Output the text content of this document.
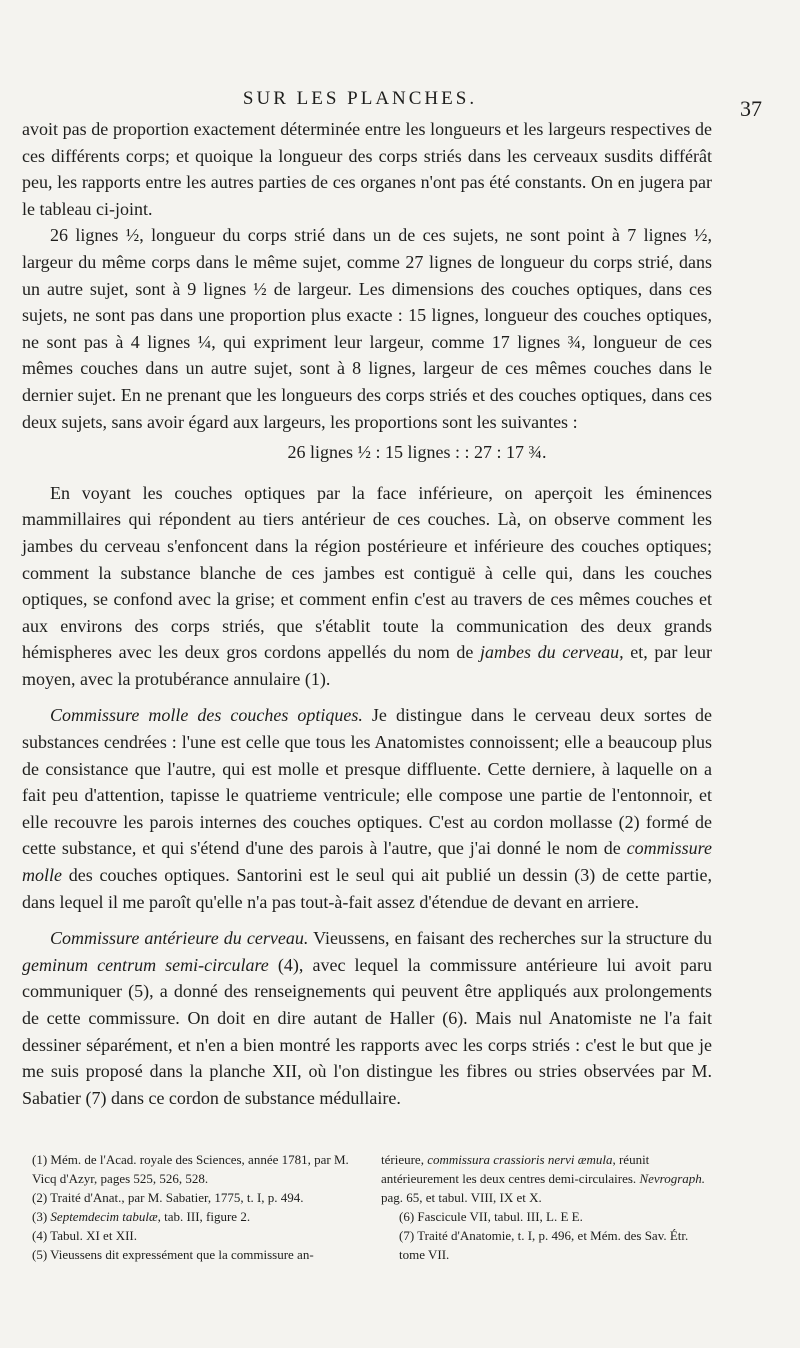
SUR LES PLANCHES.	37

avoit pas de proportion exactement déterminée entre les longueurs et les largeurs respectives de ces différents corps; et quoique la longueur des corps striés dans les cerveaux susdits différât peu, les rapports entre les autres parties de ces organes n'ont pas été constants. On en jugera par le tableau ci-joint.

26 lignes ½, longueur du corps strié dans un de ces sujets, ne sont point à 7 lignes ½, largeur du même corps dans le même sujet, comme 27 lignes de longueur du corps strié, dans un autre sujet, sont à 9 lignes ½ de largeur. Les dimensions des couches optiques, dans ces sujets, ne sont pas dans une proportion plus exacte : 15 lignes, longueur des couches optiques, ne sont pas à 4 lignes ¼, qui expriment leur largeur, comme 17 lignes ¾, longueur de ces mêmes couches dans un autre sujet, sont à 8 lignes, largeur de ces mêmes couches dans le dernier sujet. En ne prenant que les longueurs des corps striés et des couches optiques, dans ces deux sujets, sans avoir égard aux largeurs, les proportions sont les suivantes :

26 lignes ½ : 15 lignes : : 27 : 17 ¾.

En voyant les couches optiques par la face inférieure, on aperçoit les éminences mammillaires qui répondent au tiers antérieur de ces couches. Là, on observe comment les jambes du cerveau s'enfoncent dans la région postérieure et inférieure des couches optiques; comment la substance blanche de ces jambes est contiguë à celle qui, dans les couches optiques, se confond avec la grise; et comment enfin c'est au travers de ces mêmes couches et aux environs des corps striés, que s'établit toute la communication des deux grands hémispheres avec les deux gros cordons appellés du nom de jambes du cerveau, et, par leur moyen, avec la protubérance annulaire (1).

Commissure molle des couches optiques. Je distingue dans le cerveau deux sortes de substances cendrées : l'une est celle que tous les Anatomistes connoissent; elle a beaucoup plus de consistance que l'autre, qui est molle et presque diffluente. Cette derniere, à laquelle on a fait peu d'attention, tapisse le quatrieme ventricule; elle compose une partie de l'entonnoir, et elle recouvre les parois internes des couches optiques. C'est au cordon mollasse (2) formé de cette substance, et qui s'étend d'une des parois à l'autre, que j'ai donné le nom de commissure molle des couches optiques. Santorini est le seul qui ait publié un dessin (3) de cette partie, dans lequel il me paroît qu'elle n'a pas tout-à-fait assez d'étendue de devant en arriere.

Commissure antérieure du cerveau. Vieussens, en faisant des recherches sur la structure du geminum centrum semi-circulare (4), avec lequel la commissure antérieure lui avoit paru communiquer (5), a donné des renseignements qui peuvent être appliqués aux prolongements de cette commissure. On doit en dire autant de Haller (6). Mais nul Anatomiste ne l'a fait dessiner séparément, et n'en a bien montré les rapports avec les corps striés : c'est le but que je me suis proposé dans la planche XII, où l'on distingue les fibres ou stries observées par M. Sabatier (7) dans ce cordon de substance médullaire.

(1) Mém. de l'Acad. royale des Sciences, année 1781, par M. Vicq d'Azyr, pages 525, 526, 528.

(2) Traité d'Anat., par M. Sabatier, 1775, t. I, p. 494.

(3) Septemdecim tabulæ, tab. III, figure 2.

(4) Tabul. XI et XII.

(5) Vieussens dit expressément que la commissure an-

térieure, commissura crassioris nervi æmula, réunit antérieurement les deux centres demi-circulaires. Nevrograph. pag. 65, et tabul. VIII, IX et X.

(6) Fascicule VII, tabul. III, L. E E.

(7) Traité d'Anatomie, t. I, p. 496, et Mém. des Sav. Étr. tome VII.
